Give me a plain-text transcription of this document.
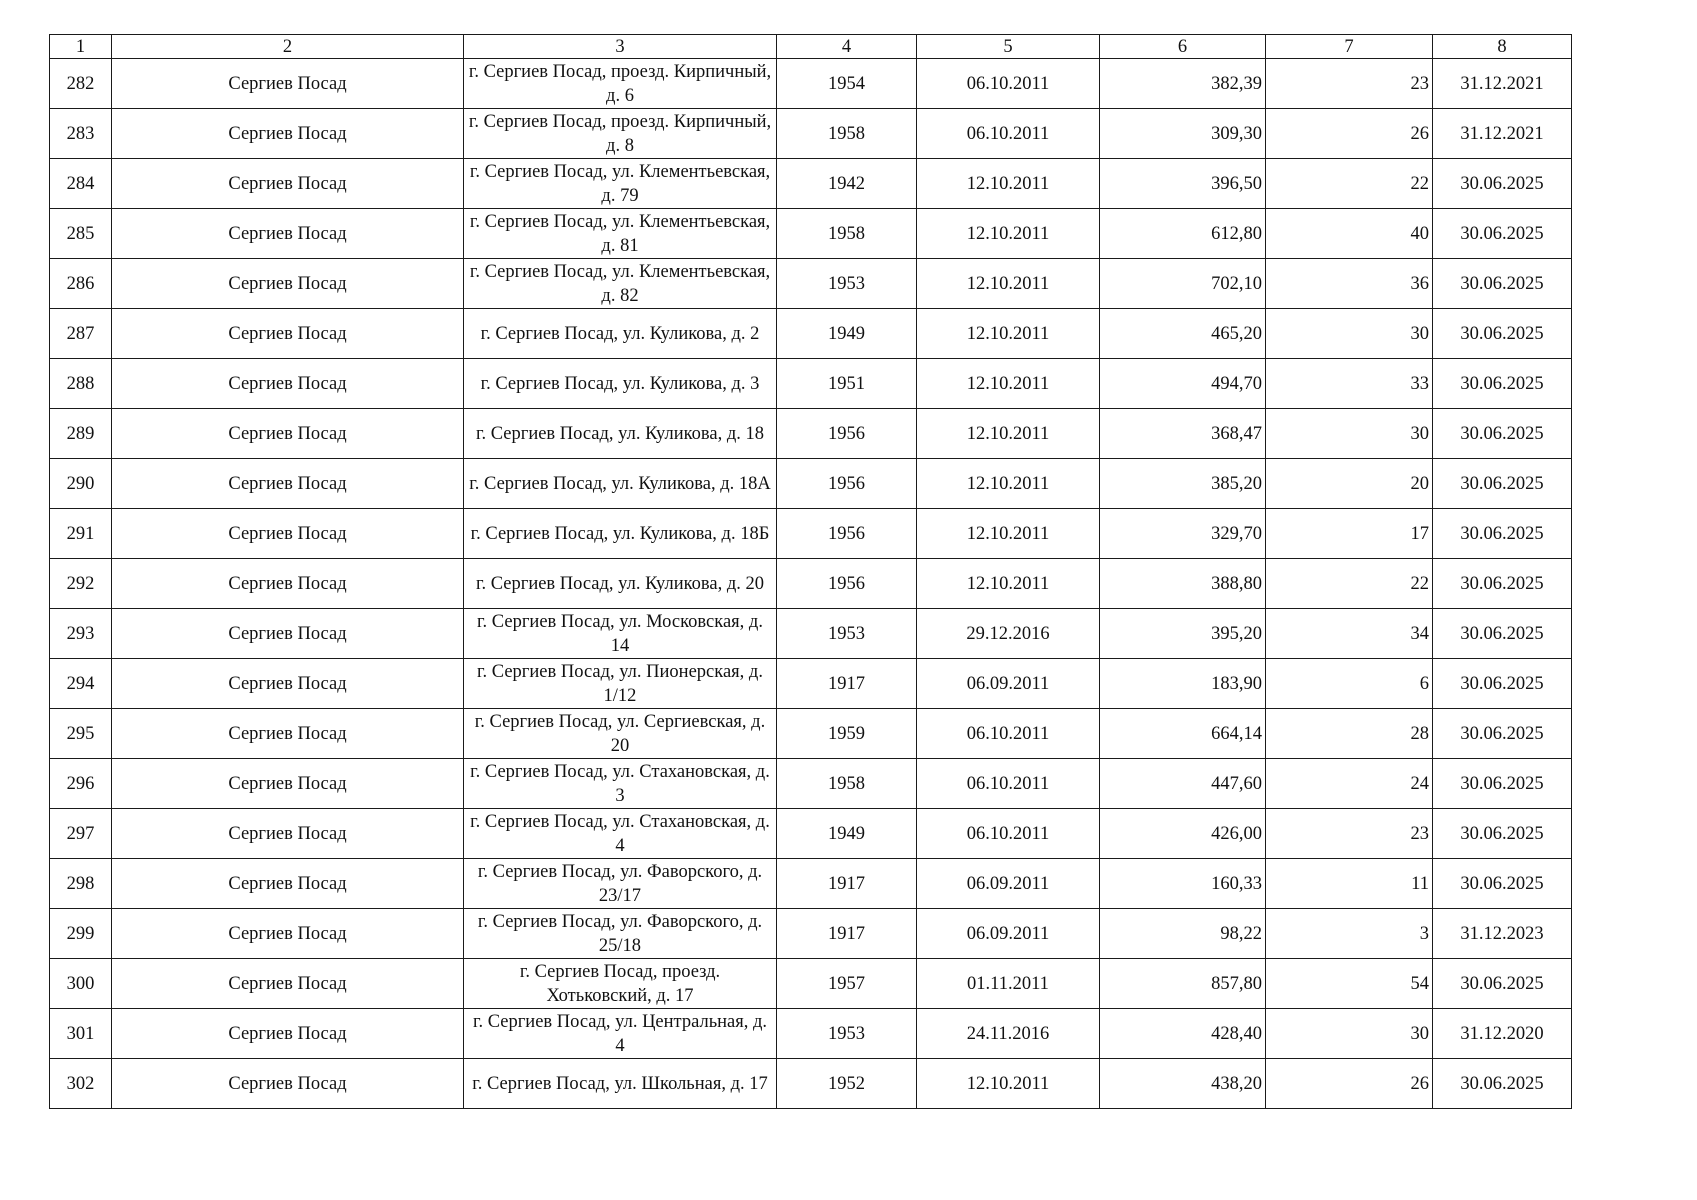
1	2	3	4	5	6	7	8
282	Сергиев Посад	г. Сергиев Посад, проезд. Кирпичный, д. 6	1954	06.10.2011	382,39	23	31.12.2021
283	Сергиев Посад	г. Сергиев Посад, проезд. Кирпичный, д. 8	1958	06.10.2011	309,30	26	31.12.2021
284	Сергиев Посад	г. Сергиев Посад, ул. Клементьевская, д. 79	1942	12.10.2011	396,50	22	30.06.2025
285	Сергиев Посад	г. Сергиев Посад, ул. Клементьевская, д. 81	1958	12.10.2011	612,80	40	30.06.2025
286	Сергиев Посад	г. Сергиев Посад, ул. Клементьевская, д. 82	1953	12.10.2011	702,10	36	30.06.2025
287	Сергиев Посад	г. Сергиев Посад, ул. Куликова, д. 2	1949	12.10.2011	465,20	30	30.06.2025
288	Сергиев Посад	г. Сергиев Посад, ул. Куликова, д. 3	1951	12.10.2011	494,70	33	30.06.2025
289	Сергиев Посад	г. Сергиев Посад, ул. Куликова, д. 18	1956	12.10.2011	368,47	30	30.06.2025
290	Сергиев Посад	г. Сергиев Посад, ул. Куликова, д. 18А	1956	12.10.2011	385,20	20	30.06.2025
291	Сергиев Посад	г. Сергиев Посад, ул. Куликова, д. 18Б	1956	12.10.2011	329,70	17	30.06.2025
292	Сергиев Посад	г. Сергиев Посад, ул. Куликова, д. 20	1956	12.10.2011	388,80	22	30.06.2025
293	Сергиев Посад	г. Сергиев Посад, ул. Московская, д. 14	1953	29.12.2016	395,20	34	30.06.2025
294	Сергиев Посад	г. Сергиев Посад, ул. Пионерская, д. 1/12	1917	06.09.2011	183,90	6	30.06.2025
295	Сергиев Посад	г. Сергиев Посад, ул. Сергиевская, д. 20	1959	06.10.2011	664,14	28	30.06.2025
296	Сергиев Посад	г. Сергиев Посад, ул. Стахановская, д. 3	1958	06.10.2011	447,60	24	30.06.2025
297	Сергиев Посад	г. Сергиев Посад, ул. Стахановская, д. 4	1949	06.10.2011	426,00	23	30.06.2025
298	Сергиев Посад	г. Сергиев Посад, ул. Фаворского, д. 23/17	1917	06.09.2011	160,33	11	30.06.2025
299	Сергиев Посад	г. Сергиев Посад, ул. Фаворского, д. 25/18	1917	06.09.2011	98,22	3	31.12.2023
300	Сергиев Посад	г. Сергиев Посад, проезд. Хотьковский, д. 17	1957	01.11.2011	857,80	54	30.06.2025
301	Сергиев Посад	г. Сергиев Посад, ул. Центральная, д. 4	1953	24.11.2016	428,40	30	31.12.2020
302	Сергиев Посад	г. Сергиев Посад, ул. Школьная, д. 17	1952	12.10.2011	438,20	26	30.06.2025
